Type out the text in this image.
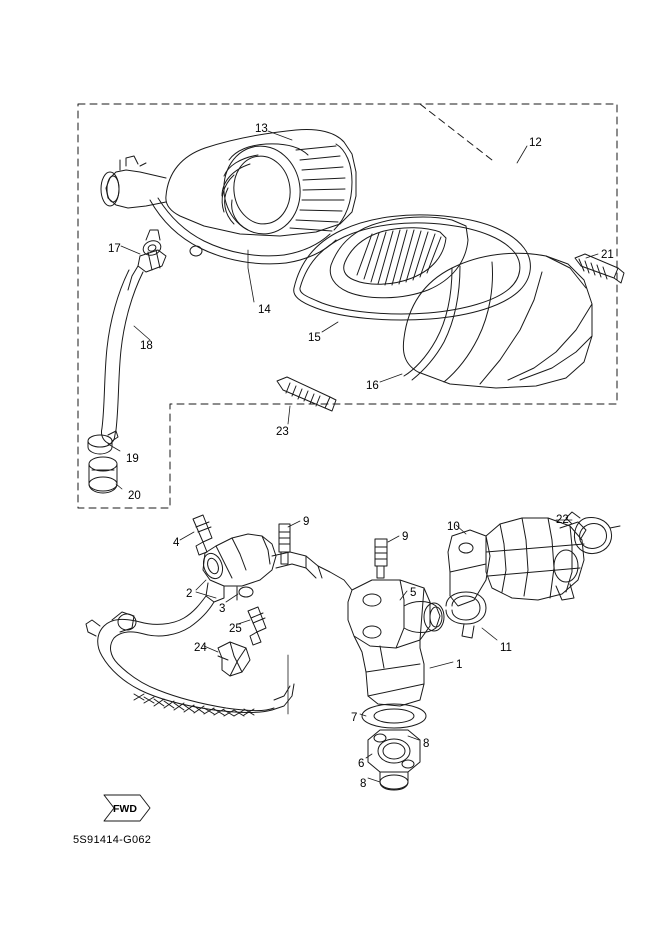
13
12
17	21
14
15
18
16
23
19
20
9	10
22
4	9
5
2
3
11
25
24
1
7
8
6
8
FWD
5S91414-G062
